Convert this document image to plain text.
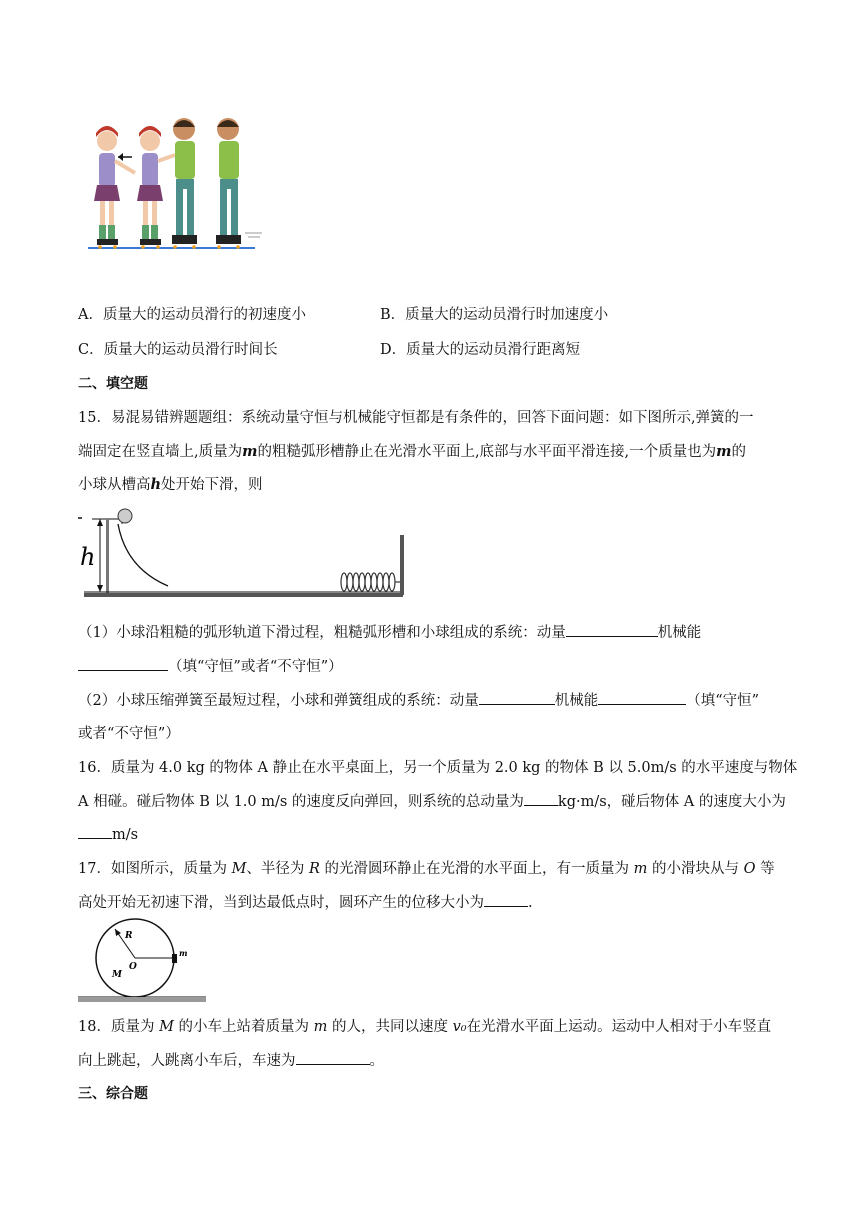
A．质量大的运动员滑行的初速度小	B．质量大的运动员滑行时加速度小
C．质量大的运动员滑行时间长	D．质量大的运动员滑行距离短
二、填空题
15．易混易错辨题题组：系统动量守恒与机械能守恒都是有条件的，回答下面问题：如下图所示,弹簧的一
端固定在竖直墙上,质量为m的粗糙弧形槽静止在光滑水平面上,底部与水平面平滑连接,一个质量也为m的
小球从槽高h处开始下滑，则
h
（1）小球沿粗糙的弧形轨道下滑过程，粗糙弧形槽和小球组成的系统：动量	机械能
（填“守恒”或者“不守恒”）
（2）小球压缩弹簧至最短过程，小球和弹簧组成的系统：动量	机械能	（填“守恒”
或者“不守恒”）
16．质量为 4.0 kg 的物体 A 静止在水平桌面上，另一个质量为 2.0 kg 的物体 B 以 5.0m/s 的水平速度与物体
A 相碰。碰后物体 B 以 1.0 m/s 的速度反向弹回，则系统的总动量为 kg·m/s，碰后物体 A 的速度大小为
m/s
17．如图所示，质量为 M、半径为 R 的光滑圆环静止在光滑的水平面上，有一质量为 m 的小滑块从与 O 等
高处开始无初速下滑，当到达最低点时，圆环产生的位移大小为	.
R
O
M
m
18．质量为 M 的小车上站着质量为 m 的人，共同以速度 v₀在光滑水平面上运动。运动中人相对于小车竖直
向上跳起，人跳离小车后，车速为	。
三、综合题
